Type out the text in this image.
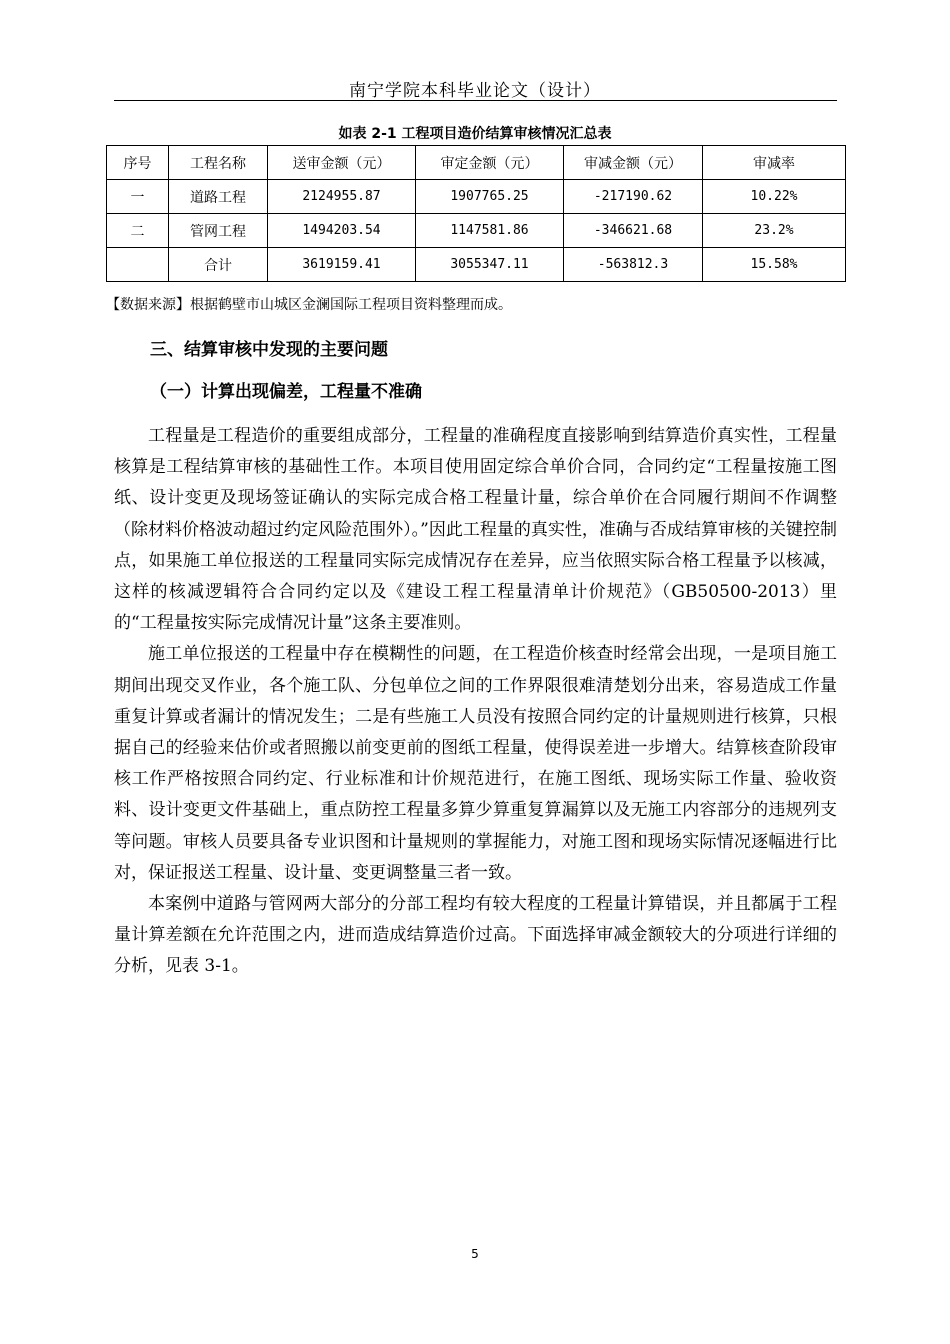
南宁学院本科毕业论文（设计）
如表 2-1 工程项目造价结算审核情况汇总表
序号	工程名称	送审金额（元）	审定金额（元）	审减金额（元）	审减率
一	道路工程	2124955.87	1907765.25	-217190.62	10.22%
二	管网工程	1494203.54	1147581.86	-346621.68	23.2%
	合计	3619159.41	3055347.11	-563812.3	15.58%
【数据来源】根据鹤壁市山城区金澜国际工程项目资料整理而成。
三、结算审核中发现的主要问题
（一）计算出现偏差，工程量不准确

工程量是工程造价的重要组成部分，工程量的准确程度直接影响到结算造价真实性，工程量核算是工程结算审核的基础性工作。本项目使用固定综合单价合同，合同约定“工程量按施工图纸、设计变更及现场签证确认的实际完成合格工程量计量，综合单价在合同履行期间不作调整（除材料价格波动超过约定风险范围外）。”因此工程量的真实性，准确与否成结算审核的关键控制点，如果施工单位报送的工程量同实际完成情况存在差异，应当依照实际合格工程量予以核减，这样的核减逻辑符合合同约定以及《建设工程工程量清单计价规范》（GB50500-2013）里的“工程量按实际完成情况计量”这条主要准则。

施工单位报送的工程量中存在模糊性的问题，在工程造价核查时经常会出现，一是项目施工期间出现交叉作业，各个施工队、分包单位之间的工作界限很难清楚划分出来，容易造成工作量重复计算或者漏计的情况发生；二是有些施工人员没有按照合同约定的计量规则进行核算，只根据自己的经验来估价或者照搬以前变更前的图纸工程量，使得误差进一步增大。结算核查阶段审核工作严格按照合同约定、行业标准和计价规范进行，在施工图纸、现场实际工作量、验收资料、设计变更文件基础上，重点防控工程量多算少算重复算漏算以及无施工内容部分的违规列支等问题。审核人员要具备专业识图和计量规则的掌握能力，对施工图和现场实际情况逐幅进行比对，保证报送工程量、设计量、变更调整量三者一致。

本案例中道路与管网两大部分的分部工程均有较大程度的工程量计算错误，并且都属于工程量计算差额在允许范围之内，进而造成结算造价过高。下面选择审减金额较大的分项进行详细的分析，见表 3-1。

5
